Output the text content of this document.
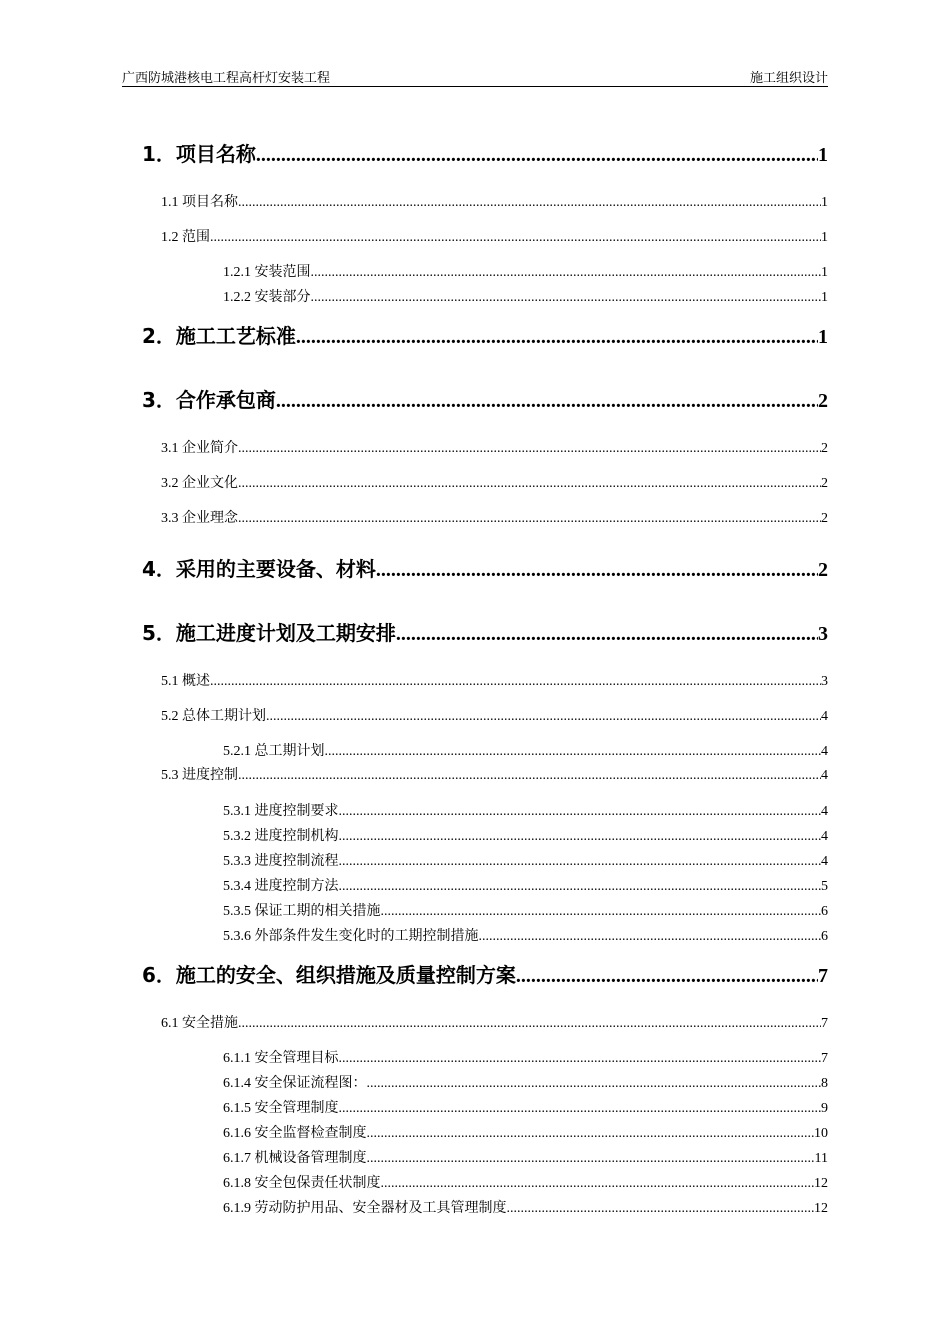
广西防城港核电工程高杆灯安装工程	施工组织设计
1．项目名称 .....	1
1.1 项目名称 .....	1
1.2 范围 .....	1
1.2.1 安装范围 .....	1
1.2.2 安装部分 .....	1
2．施工工艺标准 .....	1
3．合作承包商 .....	2
3.1 企业简介 .....	2
3.2 企业文化 .....	2
3.3 企业理念 .....	2
4．采用的主要设备、材料 .....	2
5．施工进度计划及工期安排 .....	3
5.1 概述 .....	3
5.2 总体工期计划 .....	4
5.2.1 总工期计划 .....	4
5.3 进度控制 .....	4
5.3.1 进度控制要求 .....	4
5.3.2 进度控制机构 .....	4
5.3.3 进度控制流程 .....	4
5.3.4 进度控制方法 .....	5
5.3.5 保证工期的相关措施 .....	6
5.3.6 外部条件发生变化时的工期控制措施 .....	6
6．施工的安全、组织措施及质量控制方案 .....	7
6.1 安全措施 .....	7
6.1.1 安全管理目标 .....	7
6.1.4 安全保证流程图： .....	8
6.1.5 安全管理制度 .....	9
6.1.6 安全监督检查制度 .....	10
6.1.7 机械设备管理制度 .....	11
6.1.8 安全包保责任状制度 .....	12
6.1.9 劳动防护用品、安全器材及工具管理制度 .....	12
